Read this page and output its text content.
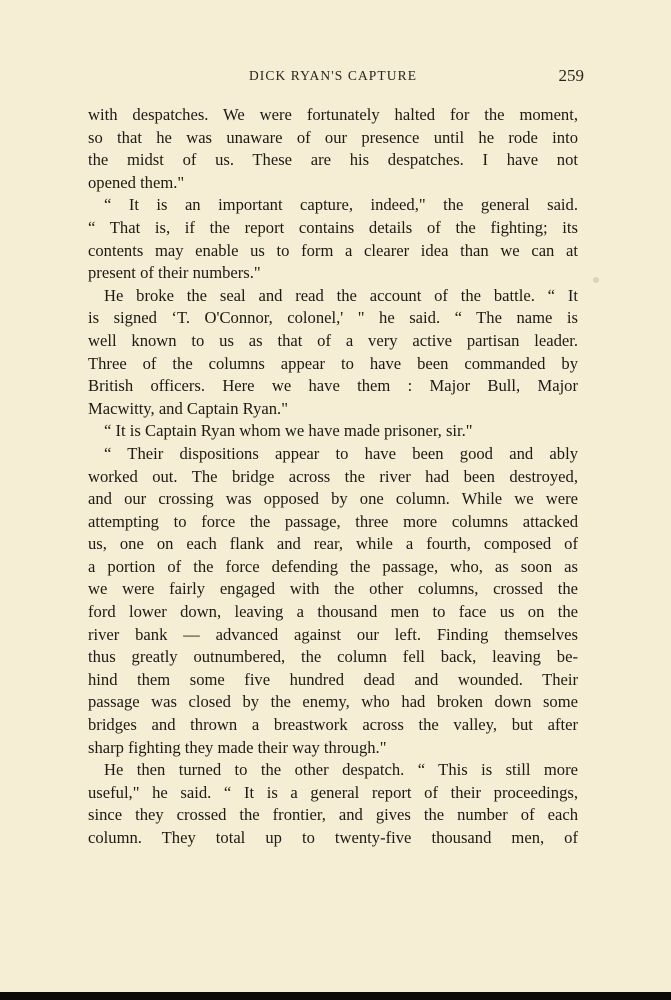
DICK RYAN'S CAPTURE	259
with despatches. We were fortunately halted for the moment,
so that he was unaware of our presence until he rode into
the midst of us. These are his despatches. I have not
opened them."
“ It is an important capture, indeed," the general said.
“ That is, if the report contains details of the fighting; its
contents may enable us to form a clearer idea than we can at
present of their numbers."
He broke the seal and read the account of the battle. “ It
is signed ‘T. O'Connor, colonel,' " he said. “ The name is
well known to us as that of a very active partisan leader.
Three of the columns appear to have been commanded by
British officers. Here we have them : Major Bull, Major
Macwitty, and Captain Ryan."
“ It is Captain Ryan whom we have made prisoner, sir."
“ Their dispositions appear to have been good and ably
worked out. The bridge across the river had been destroyed,
and our crossing was opposed by one column. While we were
attempting to force the passage, three more columns attacked
us, one on each flank and rear, while a fourth, composed of
a portion of the force defending the passage, who, as soon as
we were fairly engaged with the other columns, crossed the
ford lower down, leaving a thousand men to face us on the
river bank — advanced against our left. Finding themselves
thus greatly outnumbered, the column fell back, leaving be-
hind them some five hundred dead and wounded. Their
passage was closed by the enemy, who had broken down some
bridges and thrown a breastwork across the valley, but after
sharp fighting they made their way through."
He then turned to the other despatch. “ This is still more
useful," he said. “ It is a general report of their proceedings,
since they crossed the frontier, and gives the number of each
column. They total up to twenty-five thousand men, of
